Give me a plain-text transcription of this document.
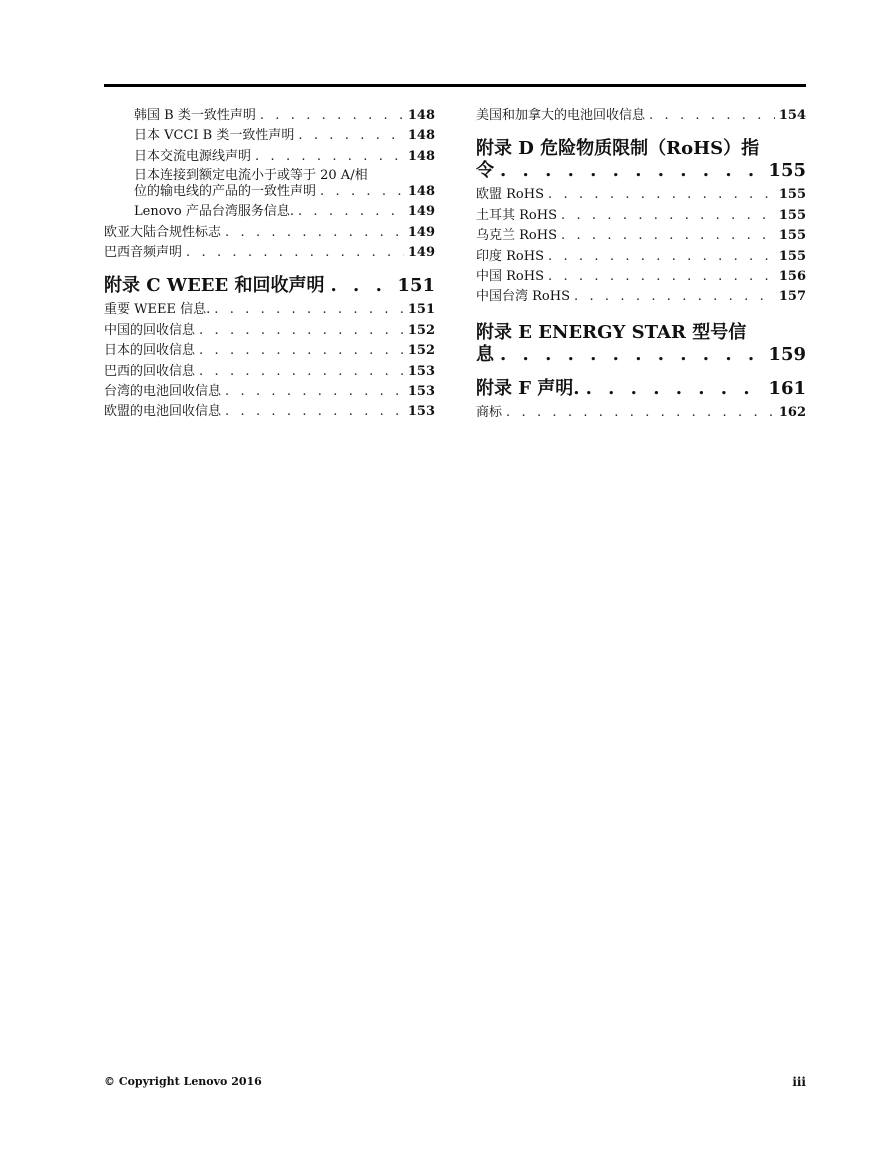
韩国 B 类一致性声明 . . .	148
日本 VCCI B 类一致性声明 . . .	148
日本交流电源线声明 . . .	148
日本连接到额定电流小于或等于 20 A/相
位的输电线的产品的一致性声明 . . .	148
Lenovo 产品台湾服务信息. . . .	149
欧亚大陆合规性标志 . . .	149
巴西音频声明 . . .	149
附录 C WEEE 和回收声明 . . .	151
重要 WEEE 信息. . . .	151
中国的回收信息 . . .	152
日本的回收信息 . . .	152
巴西的回收信息 . . .	153
台湾的电池回收信息 . . .	153
欧盟的电池回收信息 . . .	153
美国和加拿大的电池回收信息 . . .	154
附录 D 危险物质限制（RoHS）指
令 . . .	155
欧盟 RoHS . . .	155
土耳其 RoHS . . .	155
乌克兰 RoHS . . .	155
印度 RoHS . . .	155
中国 RoHS . . .	156
中国台湾 RoHS . . .	157
附录 E ENERGY STAR 型号信
息 . . .	159
附录 F 声明. . . .	161
商标 . . .	162
© Copyright Lenovo 2016	iii
